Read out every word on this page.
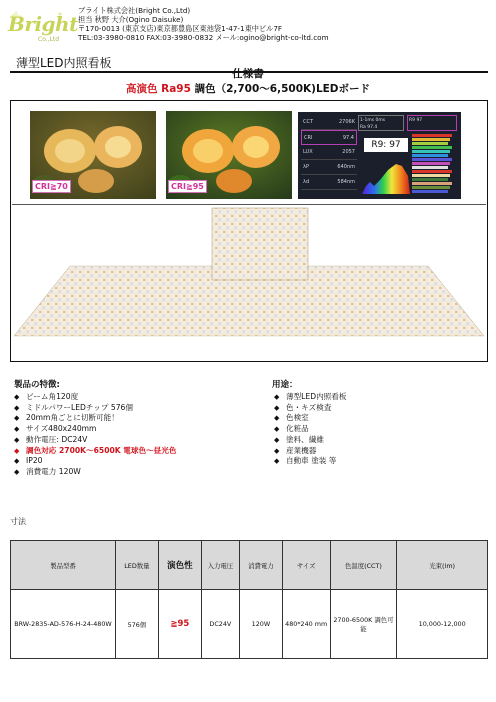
Bright
Co.,Ltd
ブライト株式会社(Bright Co.,Ltd)
担当 秋野 大介(Ogino Daisuke)
〒170-0013 (東京支店)東京都豊島区東池袋1-47-1東中ビル7F
TEL:03-3980-0810 FAX:03-3980-0832 メール:ogino@bright-co-ltd.com
薄型LED内照看板
仕様書
高演色 Ra95 調色（2,700～6,500K)LEDボード
CRI≧70	CRI≧95
CCT	2706K
CRI	97.4
LUX	2057
λP	640nm
λd	584nm
1-1ms 0ms
Ra 97.4
R9 97
R9: 97
製品の特徴:
◆ ビーム角120度
◆ ミドルパワーLEDチップ 576個
◆ 20mm角ごとに切断可能！
◆ サイズ480x240mm
◆ 動作電圧: DC24V
◆ 調色対応 2700K～6500K 電球色～昼光色
◆ IP20
◆ 消費電力 120W
用途：
◆ 薄型LED内照看板
◆ 色・キズ検査
◆ 色検室
◆ 化粧品
◆ 塗料、繊維
◆ 産業機器
◆ 自動車 塗装 等
寸法
製品型番	LED数量	演色性	入力電圧	消費電力	サイズ	色温度(CCT)	光束(lm)
BRW-2835-AD-576-H-24-480W	576個	≧95	DC24V	120W	480*240 mm	2700-6500K 調色可能	10,000-12,000
